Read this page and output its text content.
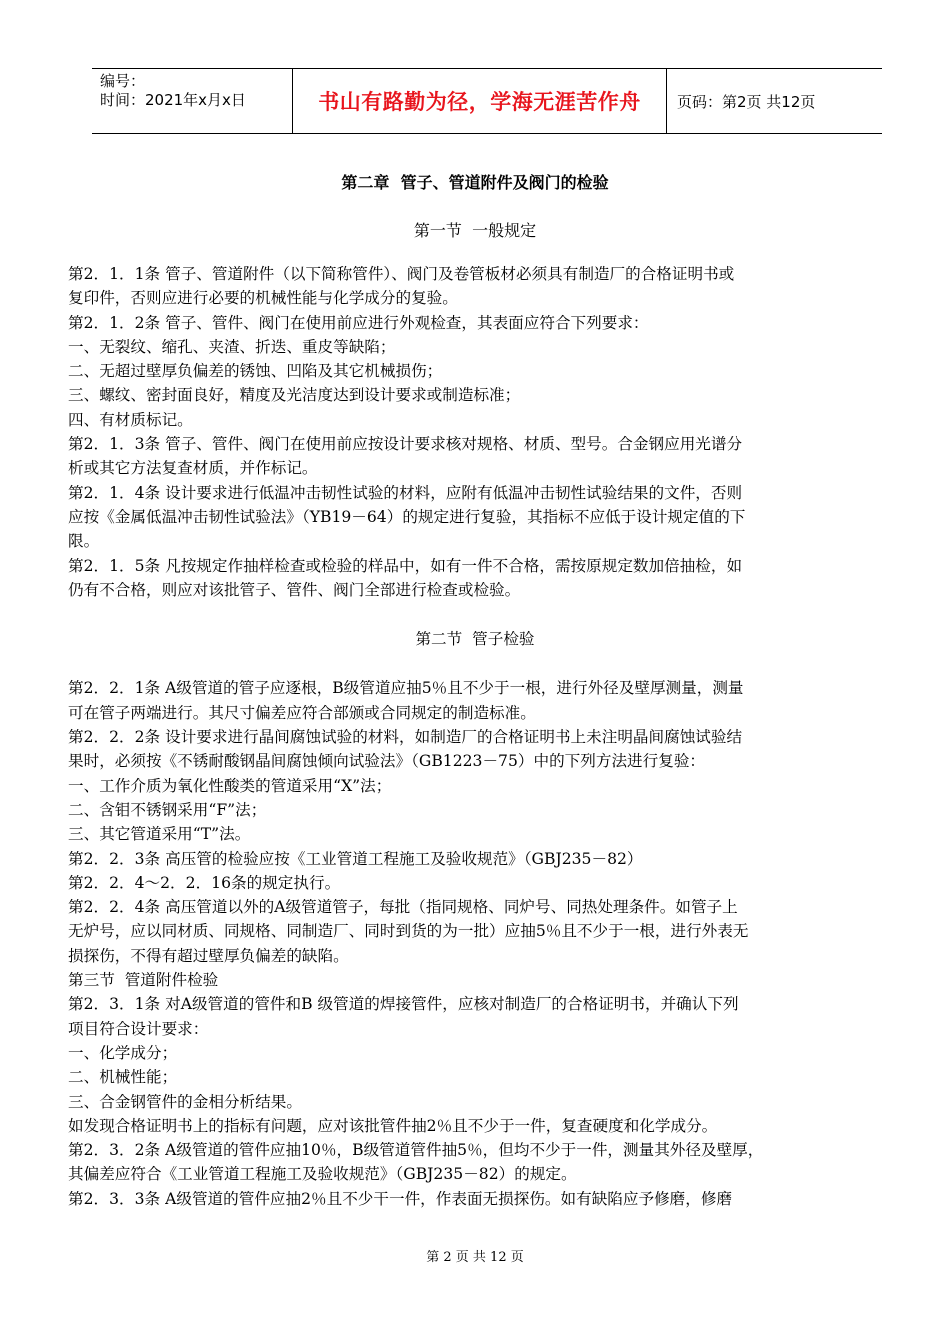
编号：
时间：2021年x月x日	书山有路勤为径，学海无涯苦作舟	页码：第2页 共12页
第二章  管子、管道附件及阀门的检验
第一节  一般规定
第2．1．1条 管子、管道附件（以下简称管件）、阀门及卷管板材必须具有制造厂的合格证明书或
复印件，否则应进行必要的机械性能与化学成分的复验。
第2．1．2条 管子、管件、阀门在使用前应进行外观检查，其表面应符合下列要求：
一、无裂纹、缩孔、夹渣、折迭、重皮等缺陷；
二、无超过壁厚负偏差的锈蚀、凹陷及其它机械损伤；
三、螺纹、密封面良好，精度及光洁度达到设计要求或制造标准；
四、有材质标记。
第2．1．3条 管子、管件、阀门在使用前应按设计要求核对规格、材质、型号。合金钢应用光谱分
析或其它方法复查材质，并作标记。
第2．1．4条 设计要求进行低温冲击韧性试验的材料，应附有低温冲击韧性试验结果的文件，否则
应按《金属低温冲击韧性试验法》（YB19－64）的规定进行复验，其指标不应低于设计规定值的下
限。
第2．1．5条 凡按规定作抽样检查或检验的样品中，如有一件不合格，需按原规定数加倍抽检，如
仍有不合格，则应对该批管子、管件、阀门全部进行检查或检验。
第二节  管子检验
第2．2．1条 A级管道的管子应逐根，B级管道应抽5％且不少于一根，进行外径及壁厚测量，测量
可在管子两端进行。其尺寸偏差应符合部颁或合同规定的制造标准。
第2．2．2条 设计要求进行晶间腐蚀试验的材料，如制造厂的合格证明书上未注明晶间腐蚀试验结
果时，必须按《不锈耐酸钢晶间腐蚀倾向试验法》（GB1223－75）中的下列方法进行复验：
一、工作介质为氧化性酸类的管道采用“X”法；
二、含钼不锈钢采用“F”法；
三、其它管道采用“T”法。
第2．2．3条 高压管的检验应按《工业管道工程施工及验收规范》（GBJ235－82）
第2．2．4～2．2．16条的规定执行。
第2．2．4条 高压管道以外的A级管道管子，每批（指同规格、同炉号、同热处理条件。如管子上
无炉号，应以同材质、同规格、同制造厂、同时到货的为一批）应抽5％且不少于一根，进行外表无
损探伤，不得有超过壁厚负偏差的缺陷。
第三节  管道附件检验
第2．3．1条 对A级管道的管件和B 级管道的焊接管件，应核对制造厂的合格证明书，并确认下列
项目符合设计要求：
一、化学成分；
二、机械性能；
三、合金钢管件的金相分析结果。
如发现合格证明书上的指标有问题，应对该批管件抽2％且不少于一件，复查硬度和化学成分。
第2．3．2条 A级管道的管件应抽10％，B级管道管件抽5％，但均不少于一件，测量其外径及壁厚，
其偏差应符合《工业管道工程施工及验收规范》（GBJ235－82）的规定。
第2．3．3条 A级管道的管件应抽2％且不少干一件，作表面无损探伤。如有缺陷应予修磨，修磨
第 2 页 共 12 页
